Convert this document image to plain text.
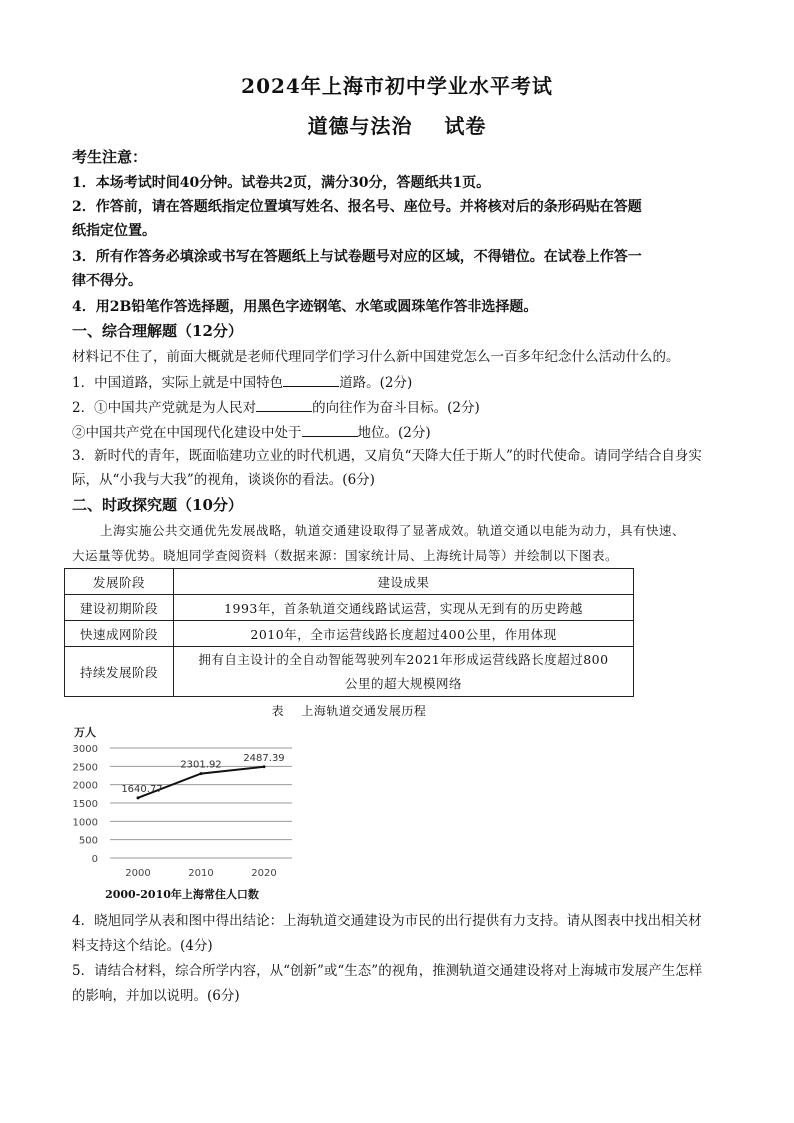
2024年上海市初中学业水平考试
道德与法治    试卷
考生注意：
1．本场考试时间40分钟。试卷共2页，满分30分，答题纸共1页。
2．作答前，请在答题纸指定位置填写姓名、报名号、座位号。并将核对后的条形码贴在答题
纸指定位置。
3．所有作答务必填涂或书写在答题纸上与试卷题号对应的区域，不得错位。在试卷上作答一
律不得分。
4．用2B铅笔作答选择题，用黑色字迹钢笔、水笔或圆珠笔作答非选择题。
一、综合理解题（12分）
材料记不住了，前面大概就是老师代理同学们学习什么新中国建党怎么一百多年纪念什么活动什么的。
1．中国道路，实际上就是中国特色	道路。(2分)
2．①中国共产党就是为人民对	的向往作为奋斗目标。(2分)
②中国共产党在中国现代化建设中处于	地位。(2分)
3．新时代的青年，既面临建功立业的时代机遇，又肩负“天降大任于斯人”的时代使命。请同学结合自身实
际，从“小我与大我”的视角，谈谈你的看法。(6分)
二、时政探究题（10分）
上海实施公共交通优先发展战略，轨道交通建设取得了显著成效。轨道交通以电能为动力，具有快速、
大运量等优势。晓旭同学查阅资料（数据来源：国家统计局、上海统计局等）并绘制以下图表。
发展阶段	建设成果
建设初期阶段	1993年，首条轨道交通线路试运营，实现从无到有的历史跨越
快速成网阶段	2010年，全市运营线路长度超过400公里，作用体现
持续发展阶段	拥有自主设计的全自动智能驾驶列车2021年形成运营线路长度超过800
公里的超大规模网络
表    上海轨道交通发展历程
万人
3000
2500
2000
1500
1000
500
0
2000	2010	2020
1640.77
2301.92
2487.39
2000-2010年上海常住人口数
4．晓旭同学从表和图中得出结论：上海轨道交通建设为市民的出行提供有力支持。请从图表中找出相关材
料支持这个结论。(4分)
5．请结合材料，综合所学内容，从“创新”或“生态”的视角，推测轨道交通建设将对上海城市发展产生怎样
的影响，并加以说明。(6分)
